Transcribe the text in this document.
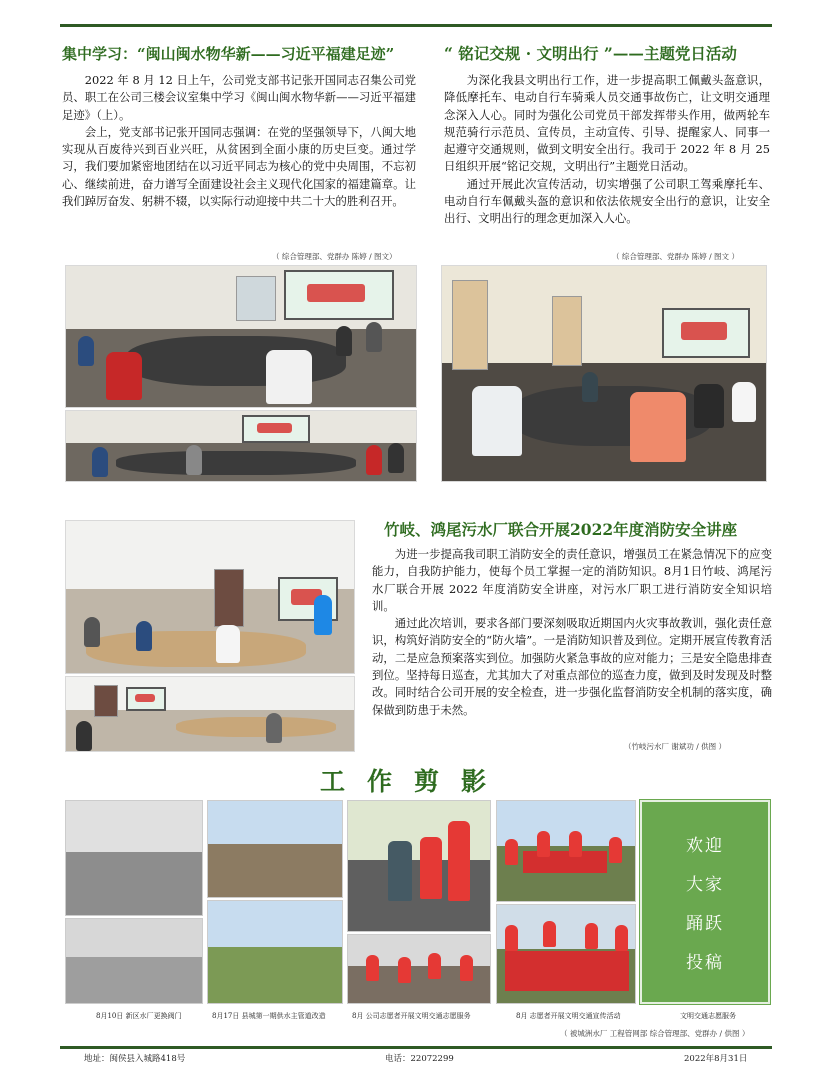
集中学习：“闽山闽水物华新——习近平福建足迹”

2022 年 8 月 12 日上午，公司党支部书记张开国同志召集公司党员、职工在公司三楼会议室集中学习《闽山闽水物华新——习近平福建足迹》（上）。

会上，党支部书记张开国同志强调：在党的坚强领导下，八闽大地实现从百废待兴到百业兴旺，从贫困到全面小康的历史巨变。通过学习，我们要加紧密地团结在以习近平同志为核心的党中央周围，不忘初心、继续前进，奋力谱写全面建设社会主义现代化国家的福建篇章。让我们踔厉奋发、躬耕不辍，以实际行动迎接中共二十大的胜利召开。

（ 综合管理部、党群办 陈婷 / 图文）
“ 铭记交规 · 文明出行 ”——主题党日活动

为深化我县文明出行工作，进一步提高职工佩戴头盔意识，降低摩托车、电动自行车骑乘人员交通事故伤亡，让文明交通理念深入人心。同时为强化公司党员干部发挥带头作用，做两轮车规范骑行示范员、宣传员，主动宣传、引导、提醒家人、同事一起遵守交通规则，做到文明安全出行。我司于 2022 年 8 月 25 日组织开展“铭记交规，文明出行”主题党日活动。

通过开展此次宣传活动，切实增强了公司职工驾乘摩托车、电动自行车佩戴头盔的意识和依法依规安全出行的意识，让安全出行、文明出行的理念更加深入人心。

（ 综合管理部、党群办 陈婷 / 图文 ）
竹岐、鸿尾污水厂联合开展2022年度消防安全讲座

为进一步提高我司职工消防安全的责任意识，增强员工在紧急情况下的应变能力，自我防护能力，使每个员工掌握一定的消防知识。8月1日竹岐、鸿尾污水厂联合开展 2022 年度消防安全讲座，对污水厂职工进行消防安全知识培训。

通过此次培训，要求各部门要深刻吸取近期国内火灾事故教训，强化责任意识，构筑好消防安全的“防火墙”。一是消防知识普及到位。定期开展宣传教育活动，二是应急预案落实到位。加强防火紧急事故的应对能力；三是安全隐患排查到位。坚持每日巡查，尤其加大了对重点部位的巡查力度，做到及时发现及时整改。同时结合公司开展的安全检查，进一步强化监督消防安全机制的落实度，确保做到防患于未然。

（竹岐污水厂 谢斌功 / 供图 ）
工作剪影
欢迎
大家
踊跃
投稿
8月10日 新区水厂更换阀门	8月17日 县城第一期供水主管道改造	8月 公司志愿者开展文明交通志愿服务	8月 志愿者开展文明交通宣传活动	文明交通志愿服务
（ 被城洲水厂 工程管网部 综合管理部、党群办 / 供图 ）
地址：闽侯县入城路418号	电话：22072299	2022年8月31日
